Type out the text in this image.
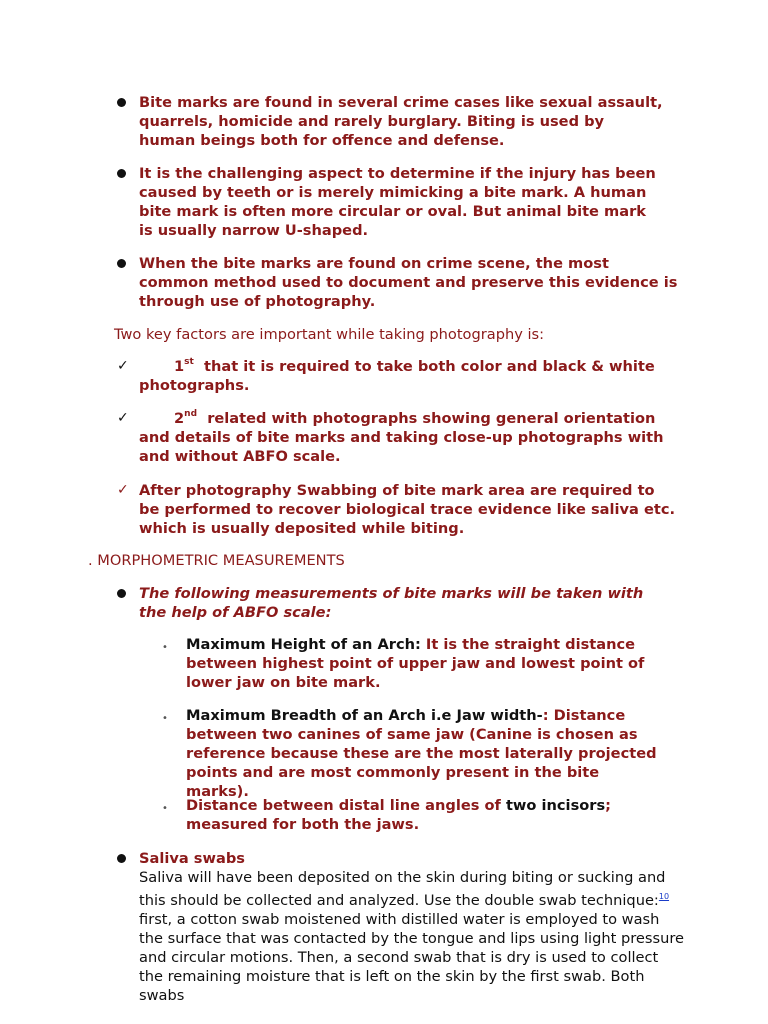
Bite marks are found in several crime cases like sexual assault, quarrels, homicide and rarely burglary. Biting is used by human beings both for offence and defense.
It is the challenging aspect to determine if the injury has been caused by teeth or is merely mimicking a bite mark. A human bite mark is often more circular or oval. But animal bite mark is usually narrow U-shaped.
When the bite marks are found on crime scene, the most common method used to document and preserve this evidence is through use of photography.
Two key factors are important while taking photography is:
✓	1st that it is required to take both color and black & white photographs.
✓	2nd related with photographs showing general orientation and details of bite marks and taking close-up photographs with and without ABFO scale.
✓ After photography Swabbing of bite mark area are required to be performed to recover biological trace evidence like saliva etc. which is usually deposited while biting.
. MORPHOMETRIC MEASUREMENTS
The following measurements of bite marks will be taken with the help of ABFO scale:
• Maximum Height of an Arch: It is the straight distance between highest point of upper jaw and lowest point of lower jaw on bite mark.
• Maximum Breadth of an Arch i.e Jaw width-: Distance between two canines of same jaw (Canine is chosen as reference because these are the most laterally projected points and are most commonly present in the bite marks).
• Distance between distal line angles of two incisors; measured for both the jaws.
Saliva swabs
Saliva will have been deposited on the skin during biting or sucking and this should be collected and analyzed. Use the double swab technique:$^{10}$ first, a cotton swab moistened with distilled water is employed to wash the surface that was contacted by the tongue and lips using light pressure and circular motions. Then, a second swab that is dry is used to collect the remaining moisture that is left on the skin by the first swab. Both swabs
